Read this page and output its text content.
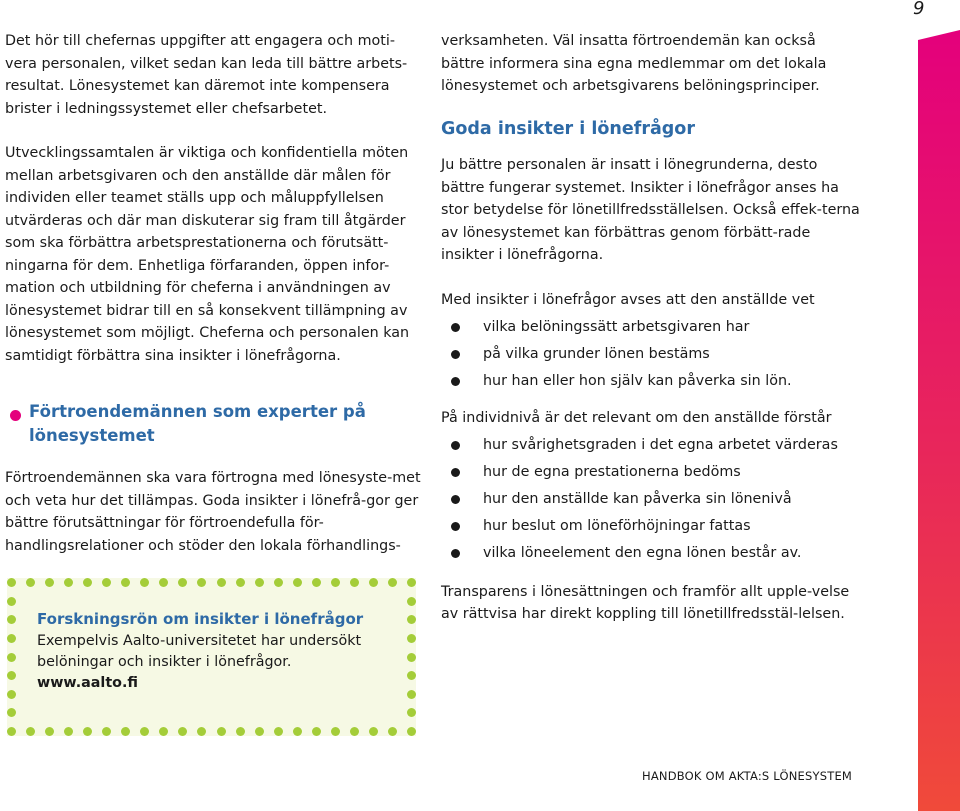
9

Det hör till chefernas uppgifter att engagera och moti-vera personalen, vilket sedan kan leda till bättre arbets-resultat. Lönesystemet kan däremot inte kompensera brister i ledningssystemet eller chefsarbetet.

Utvecklingssamtalen är viktiga och konfidentiella möten mellan arbetsgivaren och den anställde där målen för individen eller teamet ställs upp och måluppfyllelsen utvärderas och där man diskuterar sig fram till åtgärder som ska förbättra arbetsprestationerna och förutsätt-ningarna för dem. Enhetliga förfaranden, öppen infor-mation och utbildning för cheferna i användningen av lönesystemet bidrar till en så konsekvent tillämpning av lönesystemet som möjligt. Cheferna och personalen kan samtidigt förbättra sina insikter i lönefrågorna.

Förtroendemännen som experter på lönesystemet

Förtroendemännen ska vara förtrogna med lönesyste-met och veta hur det tillämpas. Goda insikter i lönefrå-gor ger bättre förutsättningar för förtroendefulla för-handlingsrelationer och stöder den lokala förhandlings-

Forskningsrön om insikter i lönefrågor
Exempelvis Aalto-universitetet har undersökt belöningar och insikter i lönefrågor.
www.aalto.fi

verksamheten. Väl insatta förtroendemän kan också bättre informera sina egna medlemmar om det lokala lönesystemet och arbetsgivarens belöningsprinciper.

Goda insikter i lönefrågor

Ju bättre personalen är insatt i lönegrunderna, desto bättre fungerar systemet. Insikter i lönefrågor anses ha stor betydelse för lönetillfredsställelsen. Också effek-terna av lönesystemet kan förbättras genom förbätt-rade insikter i lönefrågorna.

Med insikter i lönefrågor avses att den anställde vet

vilka belöningssätt arbetsgivaren har
på vilka grunder lönen bestäms
hur han eller hon själv kan påverka sin lön.

På individnivå är det relevant om den anställde förstår

hur svårighetsgraden i det egna arbetet värderas
hur de egna prestationerna bedöms
hur den anställde kan påverka sin lönenivå
hur beslut om löneförhöjningar fattas
vilka löneelement den egna lönen består av.

Transparens i lönesättningen och framför allt upple-velse av rättvisa har direkt koppling till lönetillfredsstäl-lelsen.

HANDBOK OM AKTA:S LÖNESYSTEM
